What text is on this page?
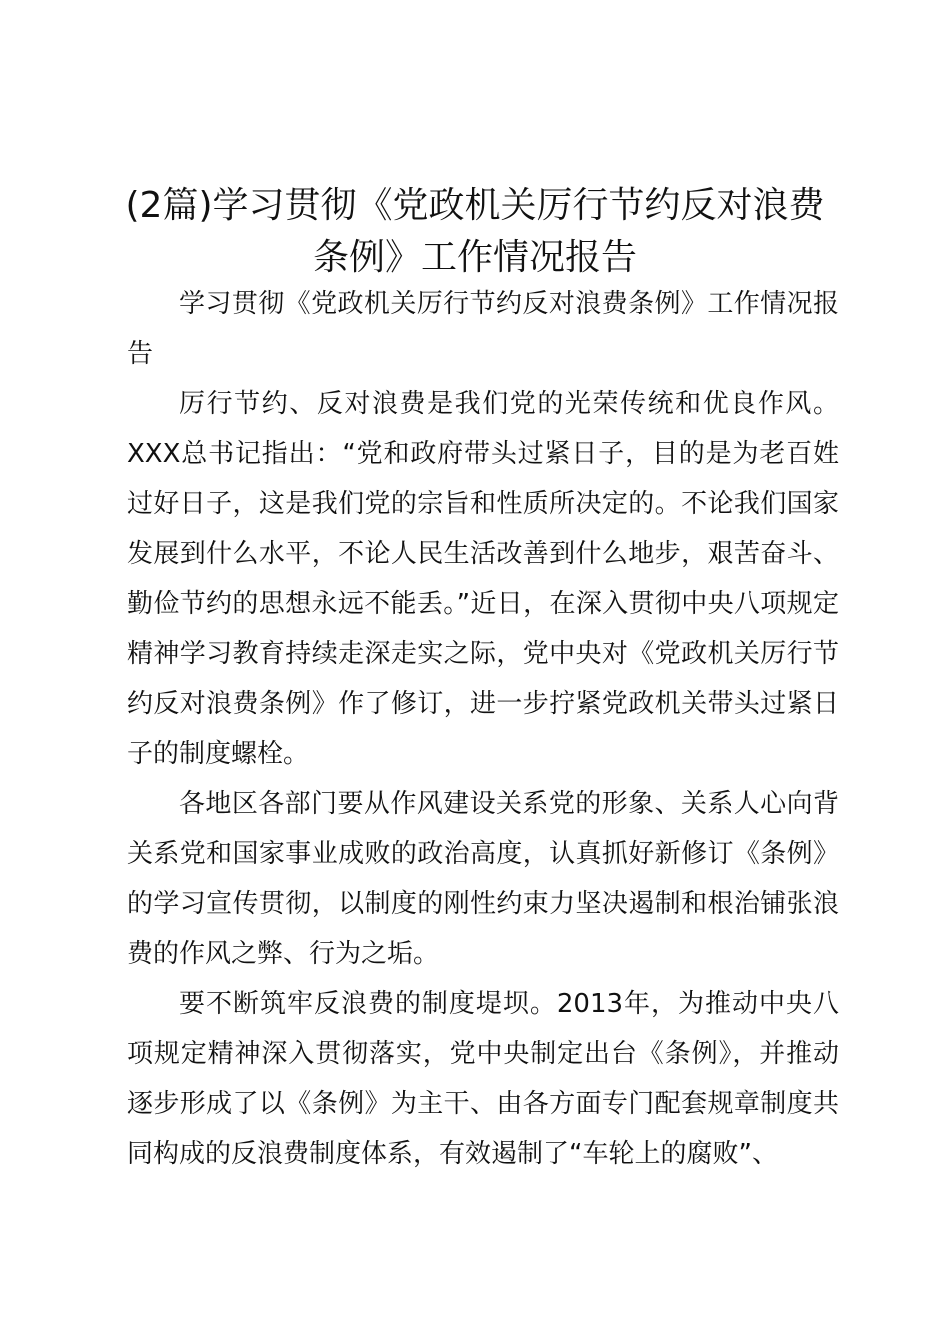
(2篇)学习贯彻《党政机关厉行节约反对浪费
条例》工作情况报告

学习贯彻《党政机关厉行节约反对浪费条例》工作情况报告

厉行节约、反对浪费是我们党的光荣传统和优良作风。XXX总书记指出：“党和政府带头过紧日子，目的是为老百姓过好日子，这是我们党的宗旨和性质所决定的。不论我们国家发展到什么水平，不论人民生活改善到什么地步，艰苦奋斗、勤俭节约的思想永远不能丢。”近日，在深入贯彻中央八项规定精神学习教育持续走深走实之际，党中央对《党政机关厉行节约反对浪费条例》作了修订，进一步拧紧党政机关带头过紧日子的制度螺栓。

各地区各部门要从作风建设关系党的形象、关系人心向背关系党和国家事业成败的政治高度，认真抓好新修订《条例》的学习宣传贯彻，以制度的刚性约束力坚决遏制和根治铺张浪费的作风之弊、行为之垢。

要不断筑牢反浪费的制度堤坝。2013年，为推动中央八项规定精神深入贯彻落实，党中央制定出台《条例》，并推动逐步形成了以《条例》为主干、由各方面专门配套规章制度共同构成的反浪费制度体系，有效遏制了“车轮上的腐败”、
